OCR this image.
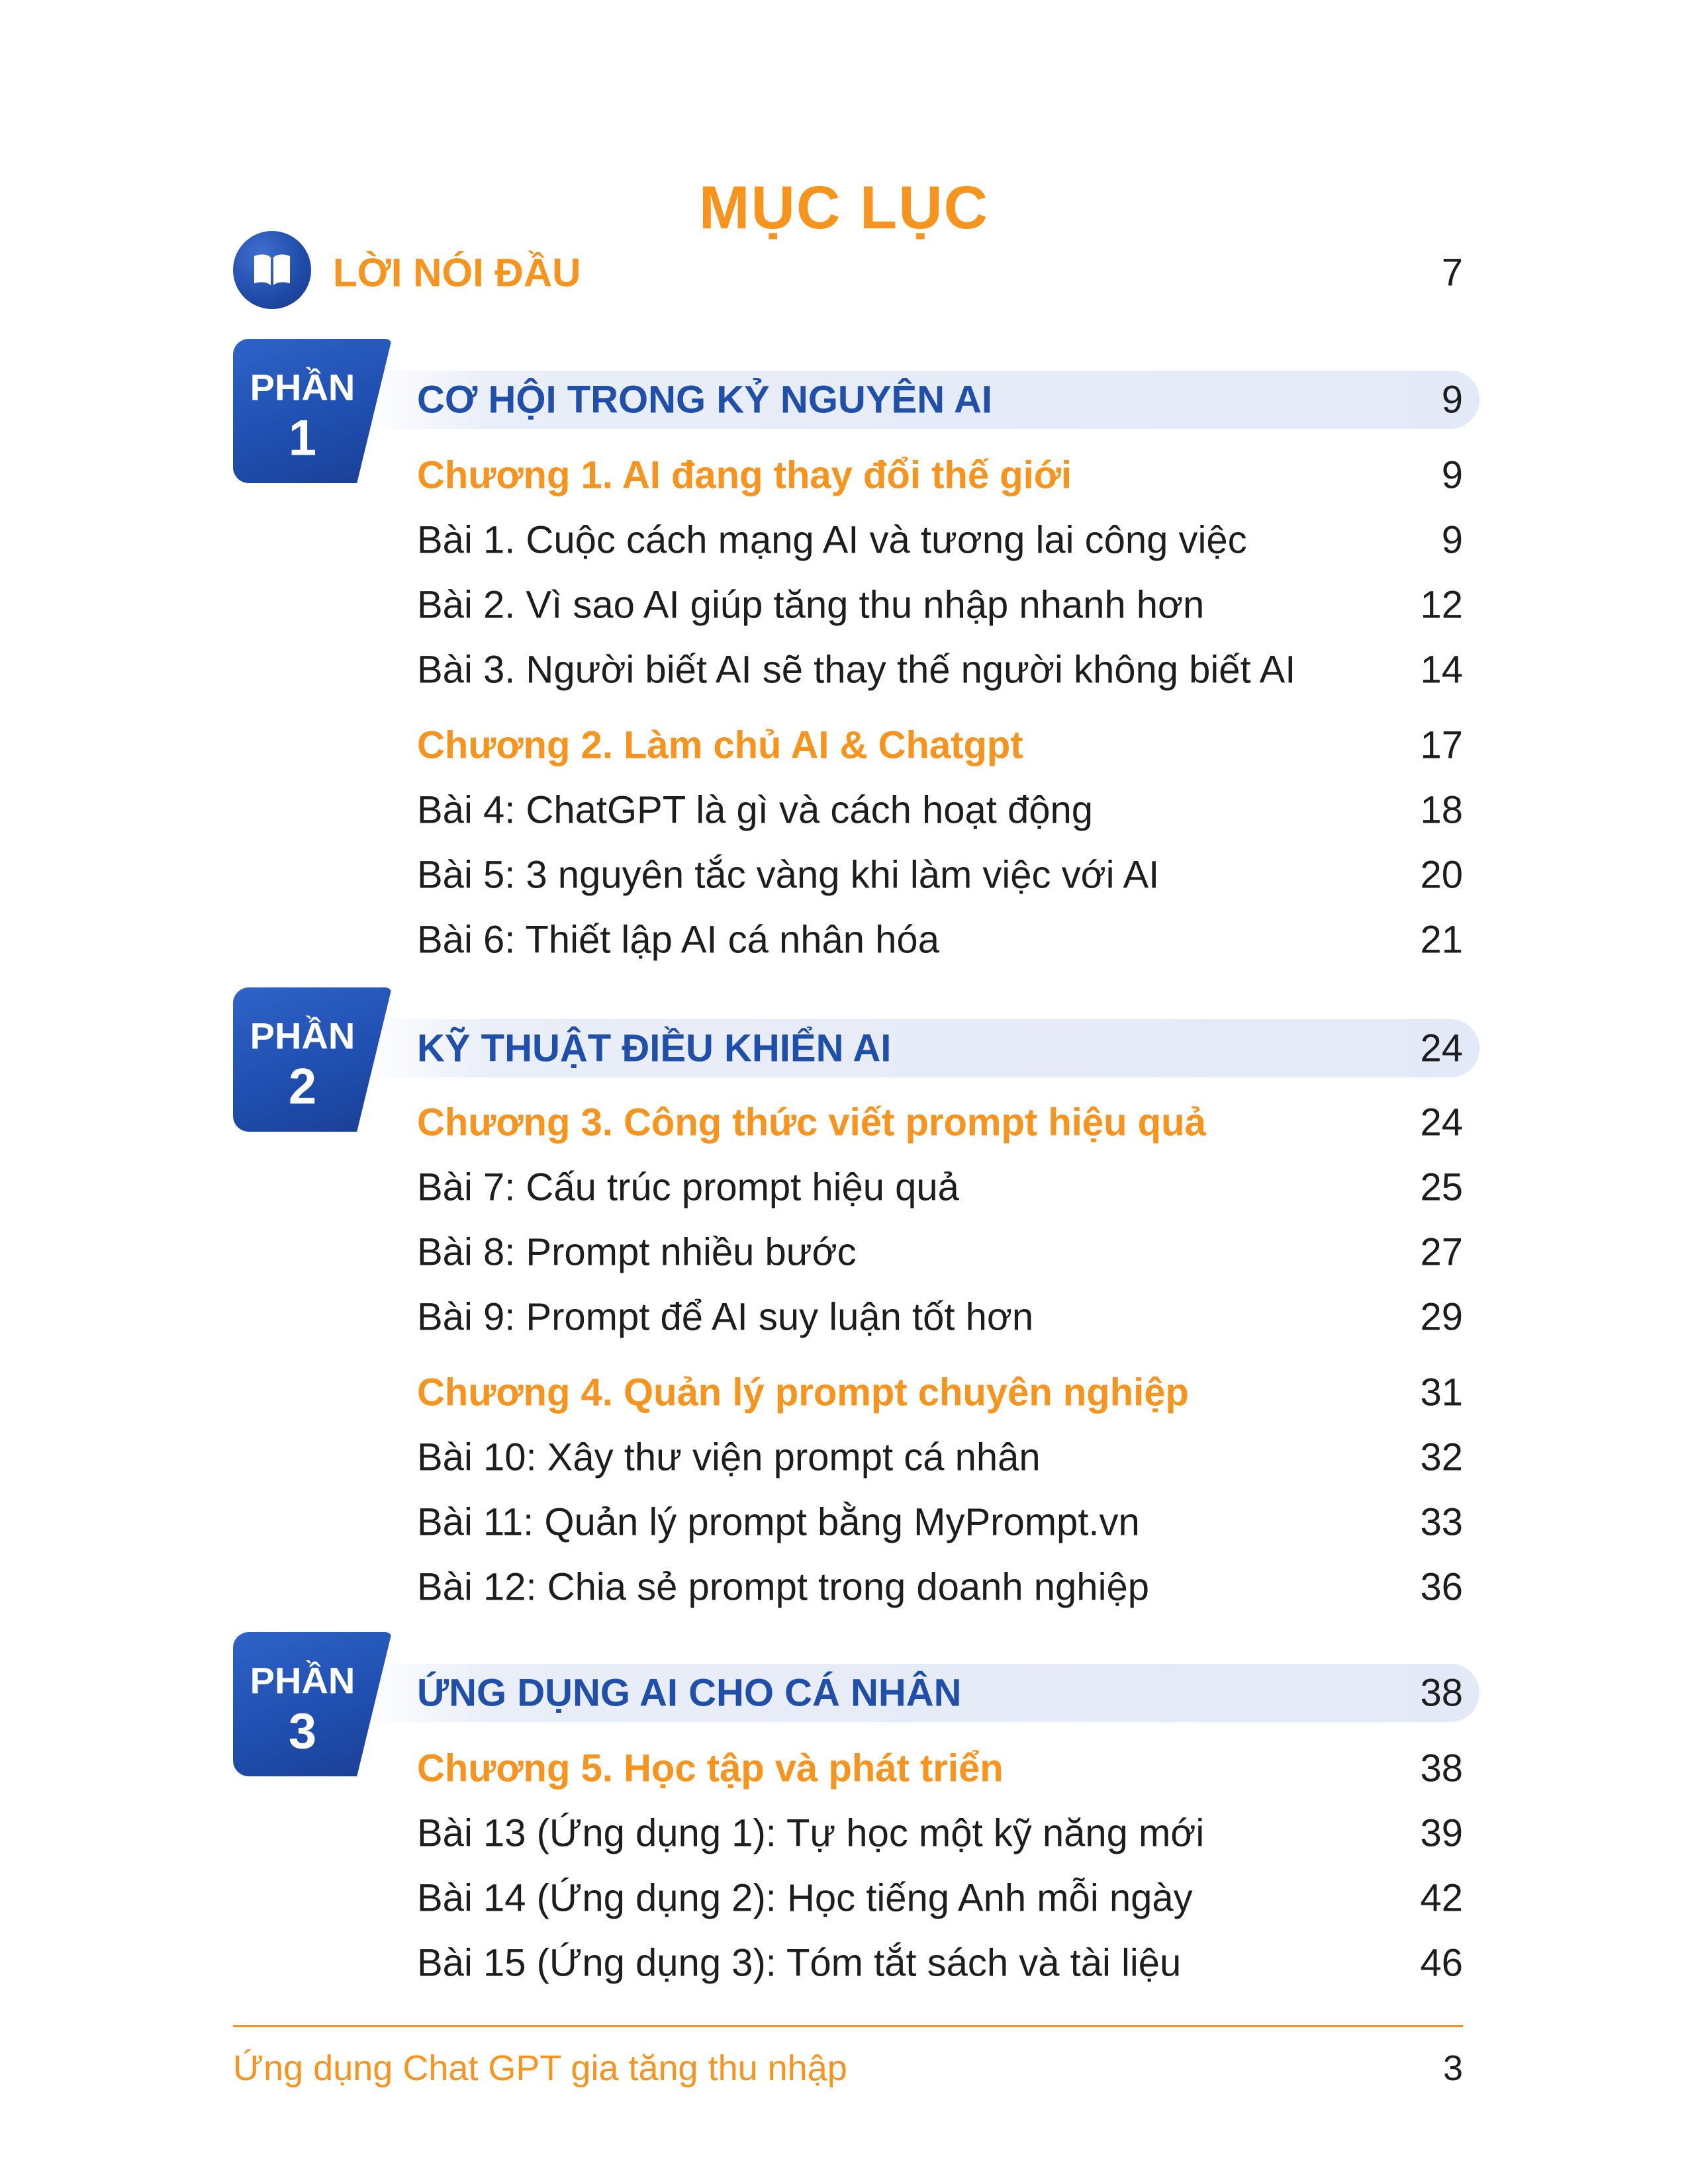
MỤC LỤC
LỜI NÓI ĐẦU	7
PHẦN
1
CƠ HỘI TRONG KỶ NGUYÊN AI	9
Chương 1. AI đang thay đổi thế giới	9
Bài 1. Cuộc cách mạng AI và tương lai công việc	9
Bài 2. Vì sao AI giúp tăng thu nhập nhanh hơn	12
Bài 3. Người biết AI sẽ thay thế người không biết AI	14
Chương 2. Làm chủ AI & Chatgpt	17
Bài 4: ChatGPT là gì và cách hoạt động	18
Bài 5: 3 nguyên tắc vàng khi làm việc với AI	20
Bài 6: Thiết lập AI cá nhân hóa	21
PHẦN
2
KỸ THUẬT ĐIỀU KHIỂN AI	24
Chương 3. Công thức viết prompt hiệu quả	24
Bài 7: Cấu trúc prompt hiệu quả	25
Bài 8: Prompt nhiều bước	27
Bài 9: Prompt để AI suy luận tốt hơn	29
Chương 4. Quản lý prompt chuyên nghiệp	31
Bài 10: Xây thư viện prompt cá nhân	32
Bài 11: Quản lý prompt bằng MyPrompt.vn	33
Bài 12: Chia sẻ prompt trong doanh nghiệp	36
PHẦN
3
ỨNG DỤNG AI CHO CÁ NHÂN	38
Chương 5. Học tập và phát triển	38
Bài 13 (Ứng dụng 1): Tự học một kỹ năng mới	39
Bài 14 (Ứng dụng 2): Học tiếng Anh mỗi ngày	42
Bài 15 (Ứng dụng 3): Tóm tắt sách và tài liệu	46
Ứng dụng Chat GPT gia tăng thu nhập	3
